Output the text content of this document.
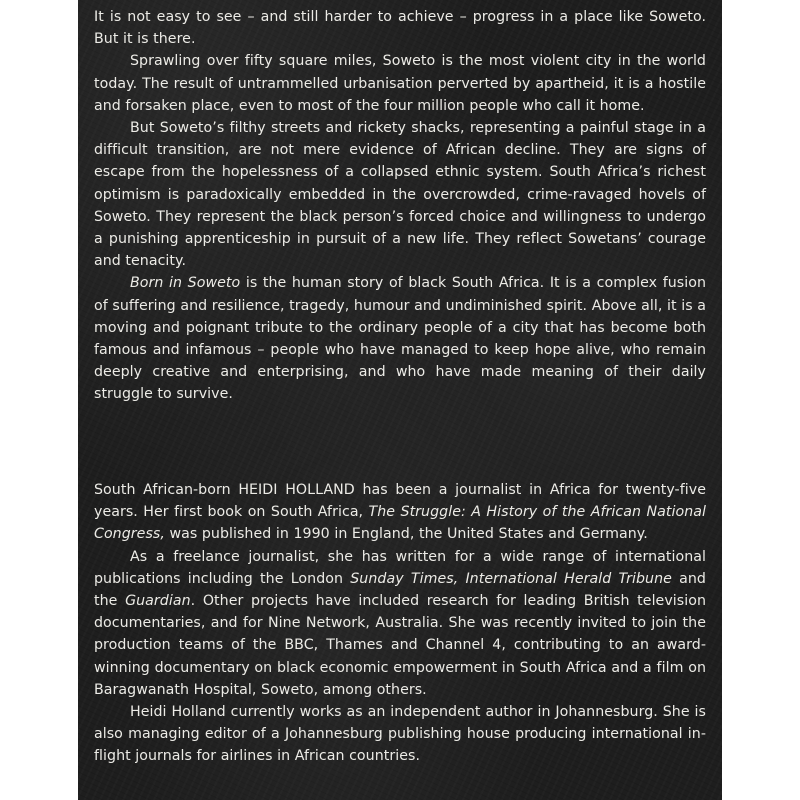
It is not easy to see – and still harder to achieve – progress in a place like Soweto. But it is there.

Sprawling over fifty square miles, Soweto is the most violent city in the world today. The result of untrammelled urbanisation perverted by apartheid, it is a hostile and forsaken place, even to most of the four million people who call it home.

But Soweto’s filthy streets and rickety shacks, representing a painful stage in a difficult transition, are not mere evidence of African decline. They are signs of escape from the hopelessness of a collapsed ethnic system. South Africa’s richest optimism is paradoxically embedded in the overcrowded, crime-ravaged hovels of Soweto. They represent the black person’s forced choice and willingness to undergo a punishing apprenticeship in pursuit of a new life. They reflect Sowetans’ courage and tenacity.

Born in Soweto is the human story of black South Africa. It is a complex fusion of suffering and resilience, tragedy, humour and undiminished spirit. Above all, it is a moving and poignant tribute to the ordinary people of a city that has become both famous and infamous – people who have managed to keep hope alive, who remain deeply creative and enterprising, and who have made meaning of their daily struggle to survive.

South African-born HEIDI HOLLAND has been a journalist in Africa for twenty-five years. Her first book on South Africa, The Struggle: A History of the African National Congress, was published in 1990 in England, the United States and Germany.

As a freelance journalist, she has written for a wide range of international publications including the London Sunday Times, International Herald Tribune and the Guardian. Other projects have included research for leading British television documentaries, and for Nine Network, Australia. She was recently invited to join the production teams of the BBC, Thames and Channel 4, contributing to an award-winning documentary on black economic empowerment in South Africa and a film on Baragwanath Hospital, Soweto, among others.

Heidi Holland currently works as an independent author in Johannesburg. She is also managing editor of a Johannesburg publishing house producing international in-flight journals for airlines in African countries.
